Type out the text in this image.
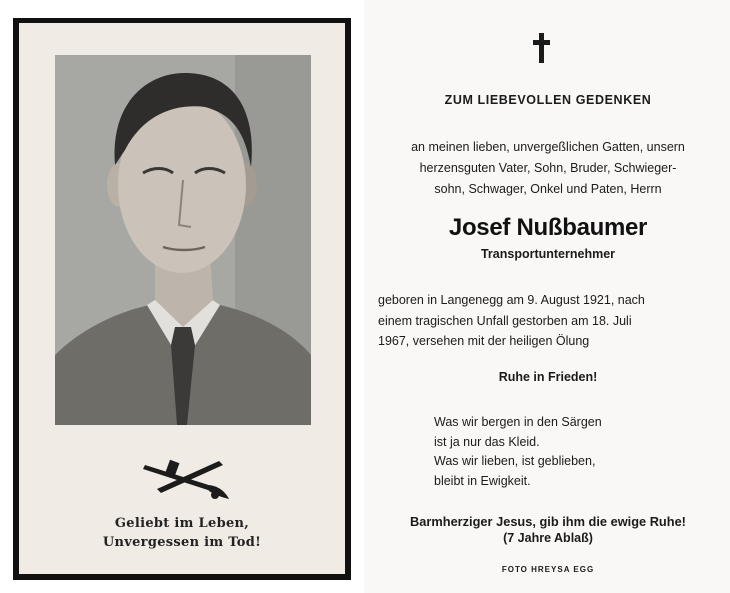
Geliebt im Leben,
Unvergessen im Tod!
ZUM LIEBEVOLLEN GEDENKEN
an meinen lieben, unvergeßlichen Gatten, unsern
herzensguten Vater, Sohn, Bruder, Schwieger-
sohn, Schwager, Onkel und Paten, Herrn
Josef Nußbaumer
Transportunternehmer
geboren in Langenegg am 9. August 1921, nach
einem tragischen Unfall gestorben am 18. Juli
1967, versehen mit der heiligen Ölung
Ruhe in Frieden!
Was wir bergen in den Särgen
ist ja nur das Kleid.
Was wir lieben, ist geblieben,
bleibt in Ewigkeit.
Barmherziger Jesus, gib ihm die ewige Ruhe!
(7 Jahre Ablaß)
FOTO HREYSA EGG
